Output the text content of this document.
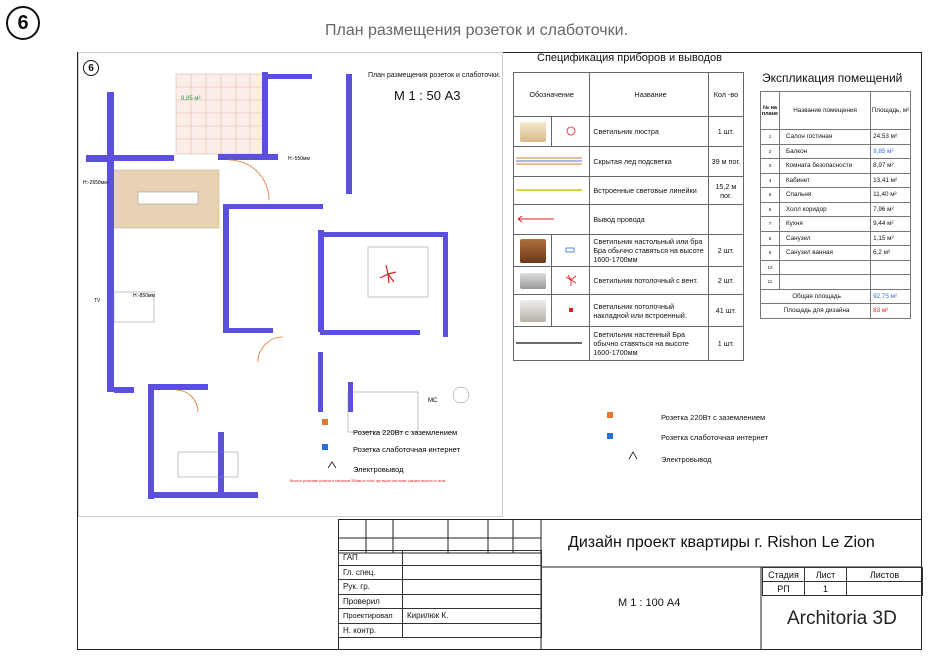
6	План размещения розеток и слаботочки.
6
План размещения розеток и слаботочки.
М 1 : 50 А3
9,85 м²
H:-2658мм
H:-550мм
H:-850мм
TV
MC
Розетка 220Вт с заземлением
Розетка слаботочная интернет
Электровывод
Высота установки розеток в основном 300мм от пола, где выше или ниже, указано высота от пола
Спецификация приборов и выводов
Обозначение		Название	Кол -во

		Светильник люстра	1 шт.
	Скрытая лед подсветка	39 м пог.
	Встроенные световые линейки	15,2 м пог.
	Вывод провода	

		Светильник настольный или бра Бра обычно ставяться на высоте 1600-1700мм	2 шт.

		Светильник потолочный с вент.	2 шт.

		Светильник потолочный накладной или встроенный.	41 шт.
	Светильник настенный Бра обычно ставяться на высоте 1600-1700мм	1 шт.
Розетка 220Вт с заземлением
Розетка слаботочная интернет
Электровывод
Экспликация помещений
№ на плане	Название помещения	Площадь, м²
1	Салон гостиная	24,53 м²
2	Балкон	9,85 м²
3	Комната безопасности	8,97 м²
4	Кабинет	13,41 м²
5	Спальня	11,40 м²
6	Холл коридор	7,96 м²
7	Кухня	9,44 м²
8	Санузел	1,15 м²
9	Санузел ванная	6,2 м²
10		
11		
Общая площадь		92,75 м²
Площадь для дизайна		83 м²
ГАП	
Гл. спец.	
Рук. гр.	
Проверил	
Проектировал	Кирилюк К.
Н. контр.	
Дизайн проект квартиры г. Rishon Le Zion
М 1 : 100 А4
Стадия	Лист	Листов
РП	1	
Architoria 3D
